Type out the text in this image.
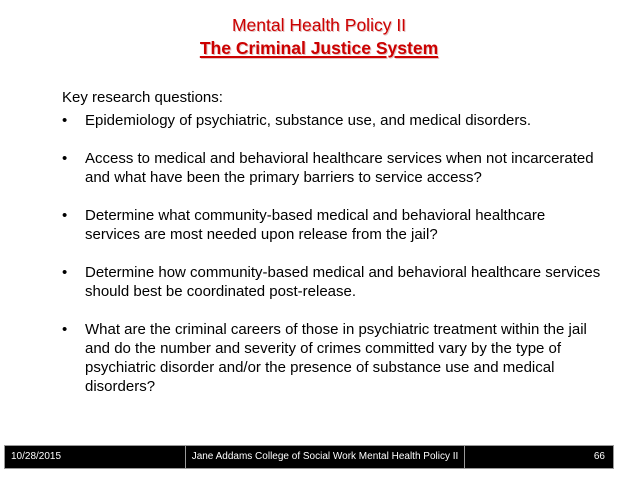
Mental Health Policy II
The Criminal Justice System
Key research questions:
• Epidemiology of psychiatric, substance use, and medical disorders.
• Access to medical and behavioral healthcare services when not incarcerated and what have been the primary barriers to service access?
• Determine what community-based medical and behavioral healthcare services are most needed upon release from the jail?
• Determine how community-based medical and behavioral healthcare services should best be coordinated post-release.
• What are the criminal careers of those in psychiatric treatment within the jail and do the number and severity of crimes committed vary by the type of psychiatric disorder and/or the presence of substance use and medical disorders?
10/28/2015	Jane Addams College of Social Work Mental Health Policy II	66
